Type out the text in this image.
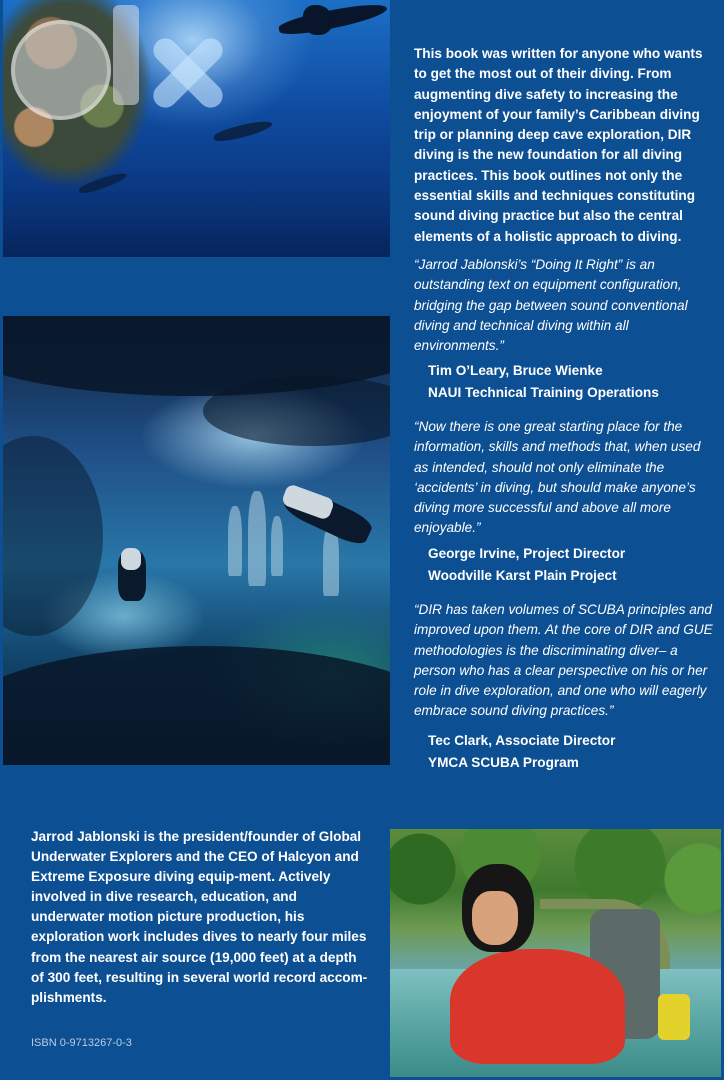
This book was written for anyone who wants to get the most out of their diving. From augmenting dive safety to increasing the enjoyment of your family’s Caribbean diving trip or planning deep cave exploration, DIR diving is the new foundation for all diving practices. This book outlines not only the essential skills and techniques constituting sound diving practice but also the central elements of a holistic approach to diving.
“Jarrod Jablonski’s “Doing It Right” is an outstanding text on equipment configuration, bridging the gap between sound conventional diving and technical diving within all environments.”
Tim O’Leary, Bruce Wienke
NAUI Technical Training Operations
“Now there is one great starting place for the information, skills and methods that, when used as intended, should not only eliminate the ‘accidents’ in diving, but should make anyone’s diving more successful and above all more enjoyable.”
George Irvine, Project Director
Woodville Karst Plain Project
“DIR has taken volumes of SCUBA principles and improved upon them. At the core of DIR and GUE methodologies is the discriminating diver– a person who has a clear perspective on his or her role in dive exploration, and one who will eagerly embrace sound diving practices.”
Tec Clark, Associate Director
YMCA SCUBA Program
Jarrod Jablonski is the president/founder of Global Underwater Explorers and the CEO of Halcyon and Extreme Exposure diving equip-ment. Actively involved in dive research, education, and underwater motion picture production, his exploration work includes dives to nearly four miles from the nearest air source (19,000 feet) at a depth of 300 feet, resulting in several world record accom-plishments.
ISBN 0-9713267-0-3
